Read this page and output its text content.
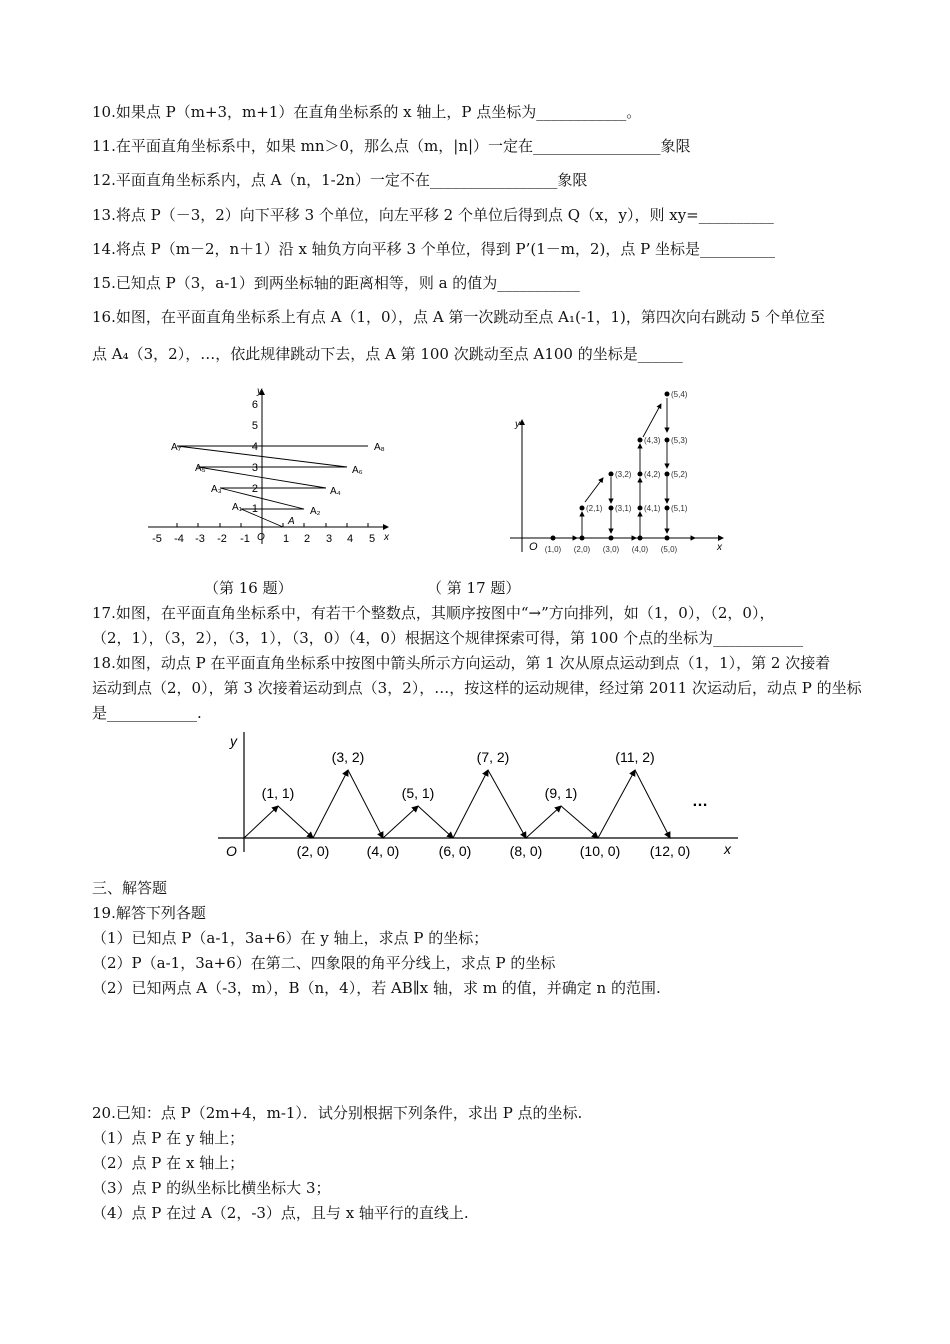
10.如果点 P（m+3，m+1）在直角坐标系的 x 轴上，P 点坐标为____________。
11.在平面直角坐标系中，如果 mn＞0，那么点（m，|n|）一定在_________________象限
12.平面直角坐标系内，点 A（n，1-2n）一定不在_________________象限
13.将点 P（－3，2）向下平移 3 个单位，向左平移 2 个单位后得到点 Q（x，y），则 xy=__________
14.将点 P（m－2，n＋1）沿 x 轴负方向平移 3 个单位，得到 P’(1－m，2)，点 P 坐标是__________
15.已知点 P（3，a-1）到两坐标轴的距离相等，则 a 的值为___________
16.如图，在平面直角坐标系上有点 A（1，0），点 A 第一次跳动至点 A₁(-1，1)，第四次向右跳动 5 个单位至
点 A₄（3，2），…，依此规律跳动下去，点 A 第 100 次跳动至点 A100 的坐标是______
-5 -4 -3 -2 -1	1 2 3 4 5
1
2
3
4
5
6
y
x
O
A
A₁	A₂
A₃	A₄
A₅	A₆
A₇	A₈
y
x
O (1,0) (2,0) (3,0) (4,0) (5,0)
(2,1) (3,1)
(3,2)
(4,1)
(4,2)
(4,3)
(5,1)
(5,2)
(5,3)
(5,4)
（第 16 题）	（ 第 17 题）
17.如图，在平面直角坐标系中，有若干个整数点，其顺序按图中“→”方向排列，如（1，0），（2，0），
（2，1），（3，2），（3，1），（3，0）（4，0）根据这个规律探索可得，第 100 个点的坐标为____________
18.如图，动点 P 在平面直角坐标系中按图中箭头所示方向运动，第 1 次从原点运动到点（1，1），第 2 次接着
运动到点（2，0），第 3 次接着运动到点（3，2），…，按这样的运动规律，经过第 2011 次运动后，动点 P 的坐标
是____________.
y
x
O
(1, 1)
(3, 2)
(5, 1)
(7, 2)
(9, 1)
(11, 2)
(2, 0)	(4, 0)	(6, 0)	(8, 0)	(10, 0) (12, 0)
…
三、解答题
19.解答下列各题
（1）已知点 P（a-1，3a+6）在 y 轴上，求点 P 的坐标；
（2）P（a-1，3a+6）在第二、四象限的角平分线上，求点 P 的坐标
（2）已知两点 A（-3，m），B（n，4），若 AB∥x 轴，求 m 的值，并确定 n 的范围.
20.已知：点 P（2m+4，m-1）．试分别根据下列条件，求出 P 点的坐标.
（1）点 P 在 y 轴上；
（2）点 P 在 x 轴上；
（3）点 P 的纵坐标比横坐标大 3；
（4）点 P 在过 A（2，-3）点，且与 x 轴平行的直线上.
